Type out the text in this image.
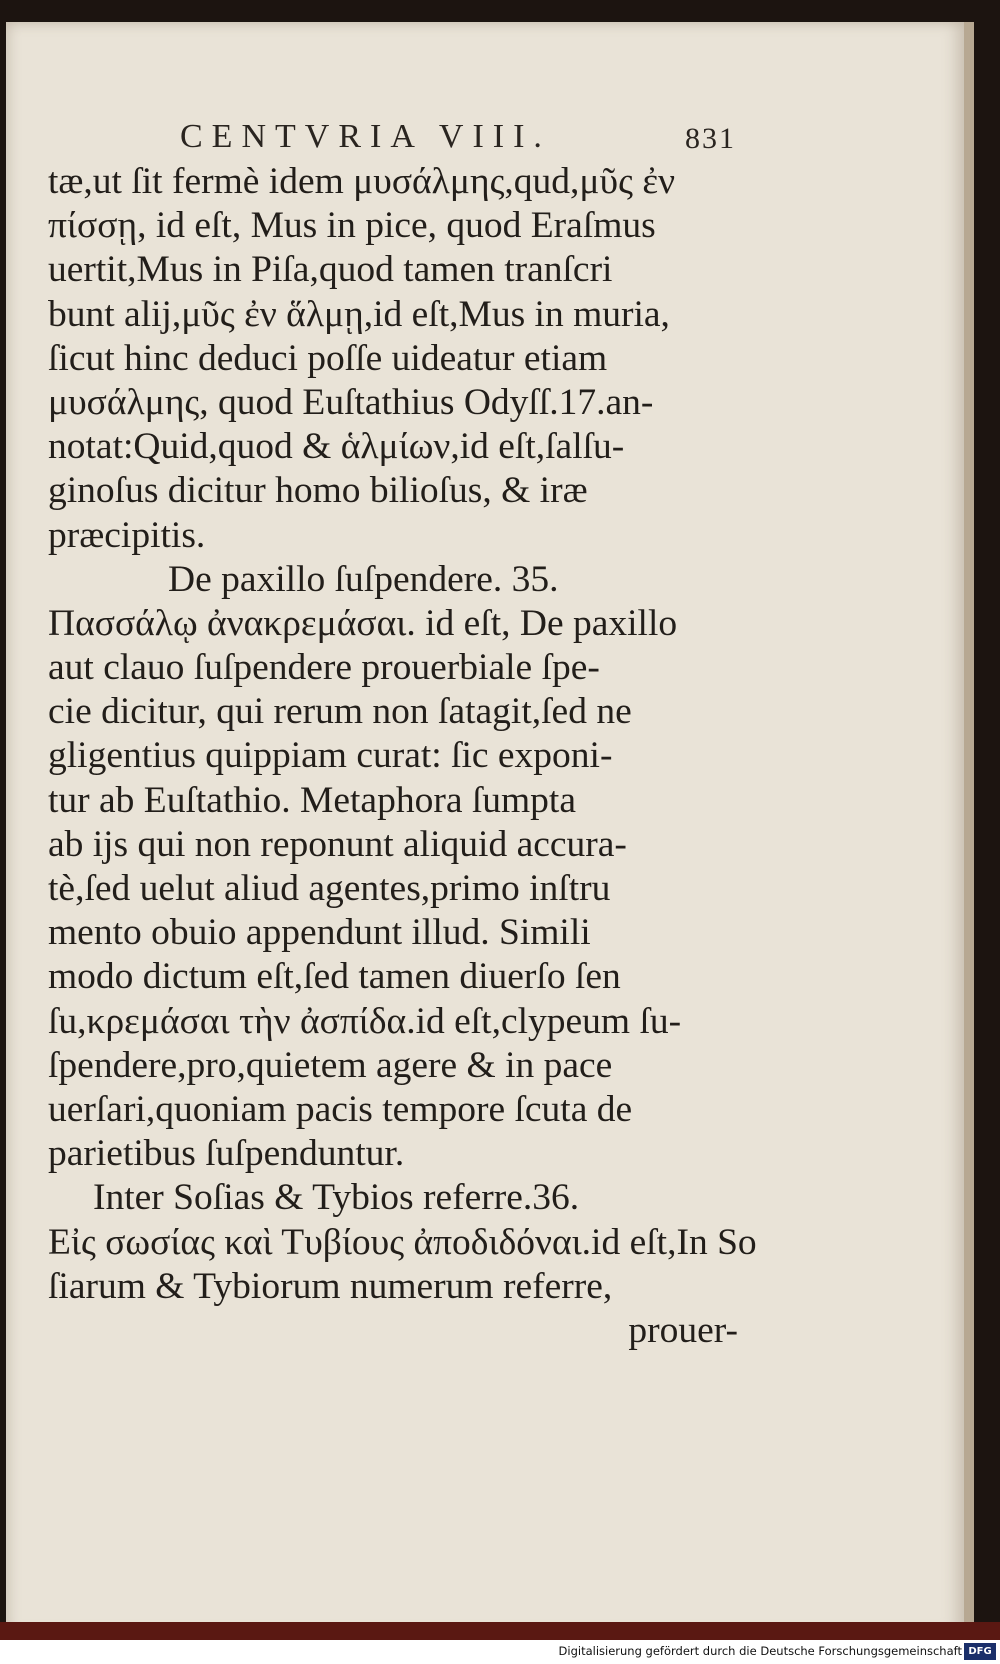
CENTVRIA VIII.	831
tæ,ut ſit fermè idem μυσάλμης,qud,μῦς ἐν
πίσσῃ, id eſt, Mus in pice, quod Eraſmus
uertit,Mus in Piſa,quod tamen tranſcri
bunt alĳ,μῦς ἐν ἅλμῃ,id eſt,Mus in muria,
ſicut hinc deduci poſſe uideatur etiam
μυσάλμης, quod Euſtathius Odyſſ.17.an-
notat:Quid,quod & ἁλμίων,id eſt,ſalſu-
ginoſus dicitur homo bilioſus, & iræ
præcipitis.
De paxillo ſuſpendere. 35.
Πασσάλῳ ἀνακρεμάσαι. id eſt, De paxillo
aut clauo ſuſpendere prouerbiale ſpe-
cie dicitur, qui rerum non ſatagit,ſed ne
gligentius quippiam curat: ſic exponi-
tur ab Euſtathio. Metaphora ſumpta
ab ĳs qui non reponunt aliquid accura-
tè,ſed uelut aliud agentes,primo inſtru
mento obuio appendunt illud. Simili
modo dictum eſt,ſed tamen diuerſo ſen
ſu,κρεμάσαι τὴν ἀσπίδα.id eſt,clypeum ſu-
ſpendere,pro,quietem agere & in pace
uerſari,quoniam pacis tempore ſcuta de
parietibus ſuſpenduntur.
Inter Soſias & Tybios referre.36.
Εἰς σωσίας καὶ Τυβίους ἀποδιδόναι.id eſt,In So
ſiarum & Tybiorum numerum referre,
prouer-
Digitalisierung gefördert durch die Deutsche Forschungsgemeinschaft DFG
